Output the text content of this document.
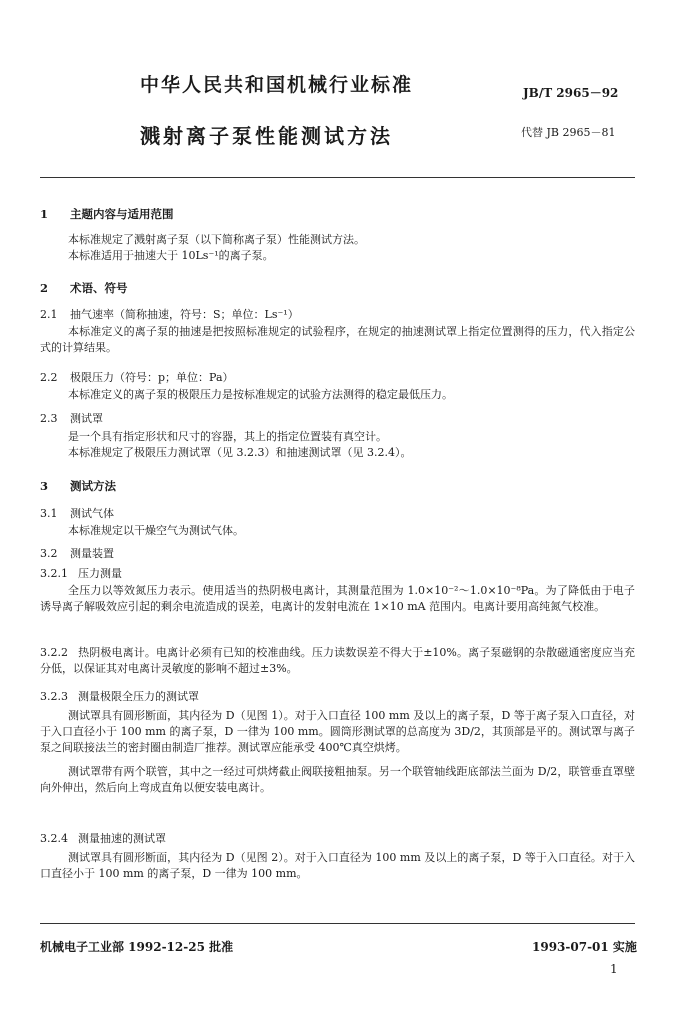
中华人民共和国机械行业标准	JB/T 2965－92
溅射离子泵性能测试方法	代替 JB 2965－81
1 主题内容与适用范围

本标准规定了溅射离子泵（以下简称离子泵）性能测试方法。

本标准适用于抽速大于 10Ls⁻¹的离子泵。

2 术语、符号
2.1 抽气速率（简称抽速，符号：S；单位：Ls⁻¹）

本标准定义的离子泵的抽速是把按照标准规定的试验程序，在规定的抽速测试罩上指定位置测得的压力，代入指定公式的计算结果。

2.2 极限压力（符号：p；单位：Pa）

本标准定义的离子泵的极限压力是按标准规定的试验方法测得的稳定最低压力。

2.3 测试罩

是一个具有指定形状和尺寸的容器，其上的指定位置装有真空计。

本标准规定了极限压力测试罩（见 3.2.3）和抽速测试罩（见 3.2.4）。

3 测试方法
3.1 测试气体

本标准规定以干燥空气为测试气体。

3.2 测量装置
3.2.1 压力测量

全压力以等效氮压力表示。使用适当的热阴极电离计，其测量范围为 1.0×10⁻²～1.0×10⁻⁸Pa。为了降低由于电子诱导离子解吸效应引起的剩余电流造成的误差，电离计的发射电流在 1×10 mA 范围内。电离计要用高纯氮气校准。

3.2.2 热阴极电离计。电离计必须有已知的校准曲线。压力读数误差不得大于±10%。离子泵磁钢的杂散磁通密度应当充分低，以保证其对电离计灵敏度的影响不超过±3%。

3.2.3 测量极限全压力的测试罩

测试罩具有圆形断面，其内径为 D（见图 1）。对于入口直径 100 mm 及以上的离子泵，D 等于离子泵入口直径，对于入口直径小于 100 mm 的离子泵，D 一律为 100 mm。圆筒形测试罩的总高度为 3D/2，其顶部是平的。测试罩与离子泵之间联接法兰的密封圈由制造厂推荐。测试罩应能承受 400℃真空烘烤。

测试罩带有两个联管，其中之一经过可烘烤截止阀联接粗抽泵。另一个联管轴线距底部法兰面为 D/2，联管垂直罩壁向外伸出，然后向上弯成直角以便安装电离计。

3.2.4 测量抽速的测试罩

测试罩具有圆形断面，其内径为 D（见图 2）。对于入口直径为 100 mm 及以上的离子泵，D 等于入口直径。对于入口直径小于 100 mm 的离子泵，D 一律为 100 mm。

机械电子工业部 1992-12-25 批准	1993-07-01 实施
1
